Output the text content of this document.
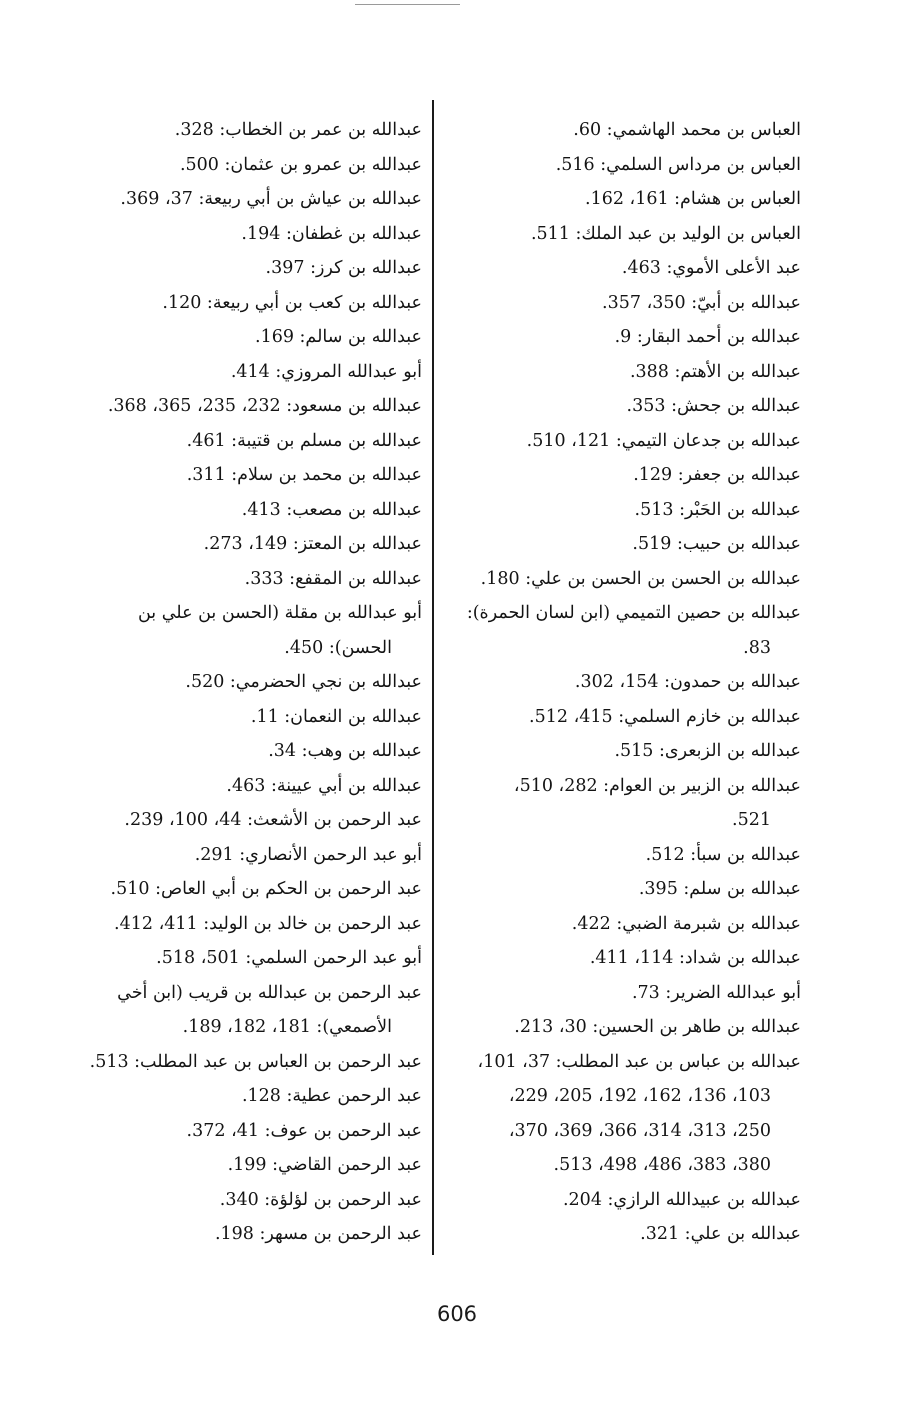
العباس بن محمد الهاشمي: 60.

العباس بن مرداس السلمي: 516.

العباس بن هشام: 161، 162.

العباس بن الوليد بن عبد الملك: 511.

عبد الأعلى الأموي: 463.

عبدالله بن أبيّ: 350، 357.

عبدالله بن أحمد البقار: 9.

عبدالله بن الأهتم: 388.

عبدالله بن جحش: 353.

عبدالله بن جدعان التيمي: 121، 510.

عبدالله بن جعفر: 129.

عبدالله بن الحَبْر: 513.

عبدالله بن حبيب: 519.

عبدالله بن الحسن بن الحسن بن علي: 180.

عبدالله بن حصين التميمي (ابن لسان الحمرة):

83.

عبدالله بن حمدون: 154، 302.

عبدالله بن خازم السلمي: 415، 512.

عبدالله بن الزبعرى: 515.

عبدالله بن الزبير بن العوام: 282، 510،

521.

عبدالله بن سبأ: 512.

عبدالله بن سلم: 395.

عبدالله بن شبرمة الضبي: 422.

عبدالله بن شداد: 114، 411.

أبو عبدالله الضرير: 73.

عبدالله بن طاهر بن الحسين: 30، 213.

عبدالله بن عباس بن عبد المطلب: 37، 101،

103، 136، 162، 192، 205، 229،

250، 313، 314، 366، 369، 370،

380، 383، 486، 498، 513.

عبدالله بن عبيدالله الرازي: 204.

عبدالله بن علي: 321.

عبدالله بن عمر بن الخطاب: 328.

عبدالله بن عمرو بن عثمان: 500.

عبدالله بن عياش بن أبي ربيعة: 37، 369.

عبدالله بن غطفان: 194.

عبدالله بن كرز: 397.

عبدالله بن كعب بن أبي ربيعة: 120.

عبدالله بن سالم: 169.

أبو عبدالله المروزي: 414.

عبدالله بن مسعود: 232، 235، 365، 368.

عبدالله بن مسلم بن قتيبة: 461.

عبدالله بن محمد بن سلام: 311.

عبدالله بن مصعب: 413.

عبدالله بن المعتز: 149، 273.

عبدالله بن المقفع: 333.

أبو عبدالله بن مقلة (الحسن بن علي بن

الحسن): 450.

عبدالله بن نجي الحضرمي: 520.

عبدالله بن النعمان: 11.

عبدالله بن وهب: 34.

عبدالله بن أبي عيينة: 463.

عبد الرحمن بن الأشعث: 44، 100، 239.

أبو عبد الرحمن الأنصاري: 291.

عبد الرحمن بن الحكم بن أبي العاص: 510.

عبد الرحمن بن خالد بن الوليد: 411، 412.

أبو عبد الرحمن السلمي: 501، 518.

عبد الرحمن بن عبدالله بن قريب (ابن أخي

الأصمعي): 181، 182، 189.

عبد الرحمن بن العباس بن عبد المطلب: 513.

عبد الرحمن عطية: 128.

عبد الرحمن بن عوف: 41، 372.

عبد الرحمن القاضي: 199.

عبد الرحمن بن لؤلؤة: 340.

عبد الرحمن بن مسهر: 198.

606
